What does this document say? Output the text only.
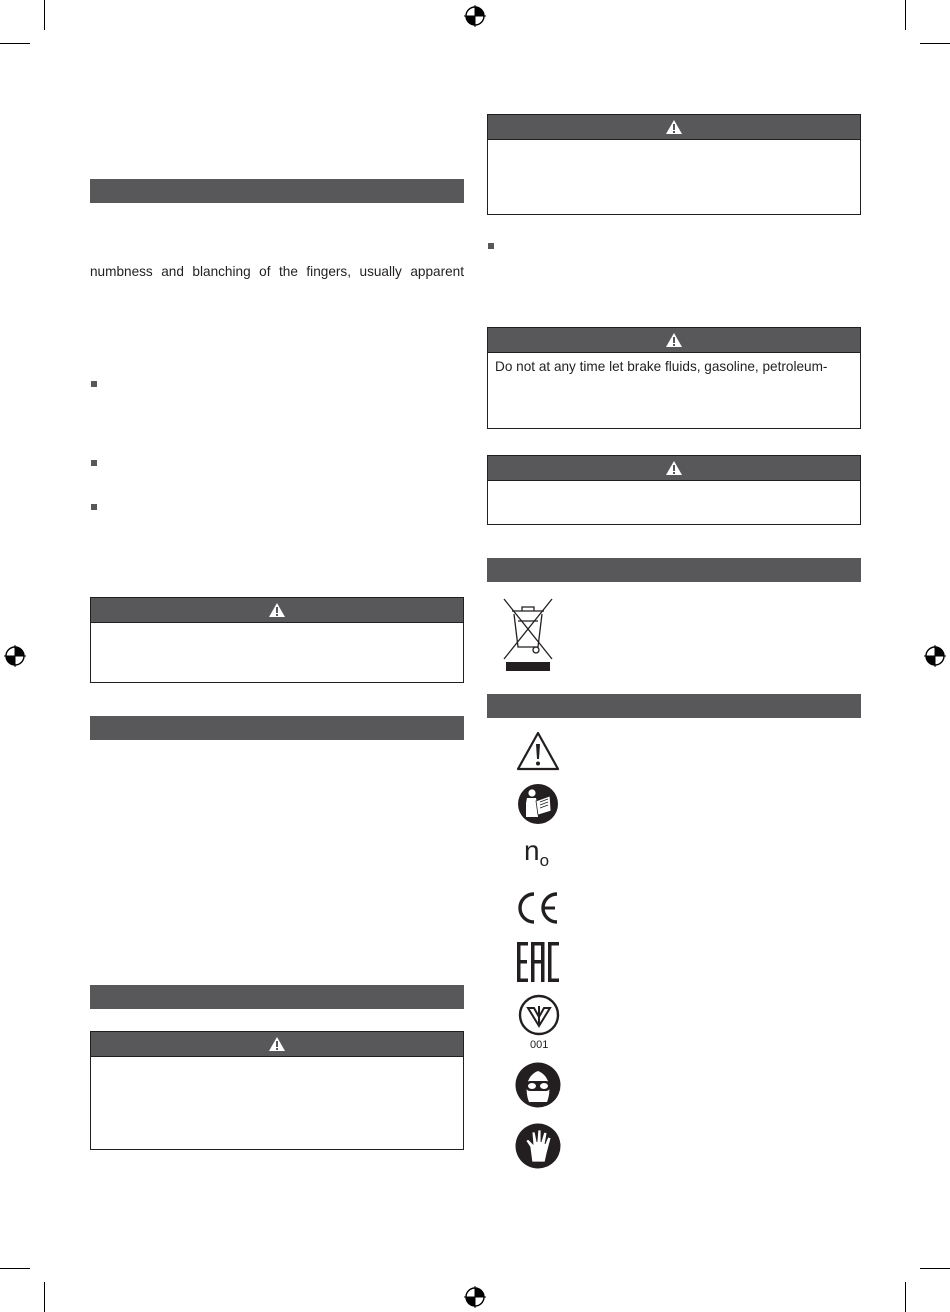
numbness and blanching of the fingers, usually apparent
Do not at any time let brake fluids, gasoline, petroleum-
$n_o$
001
